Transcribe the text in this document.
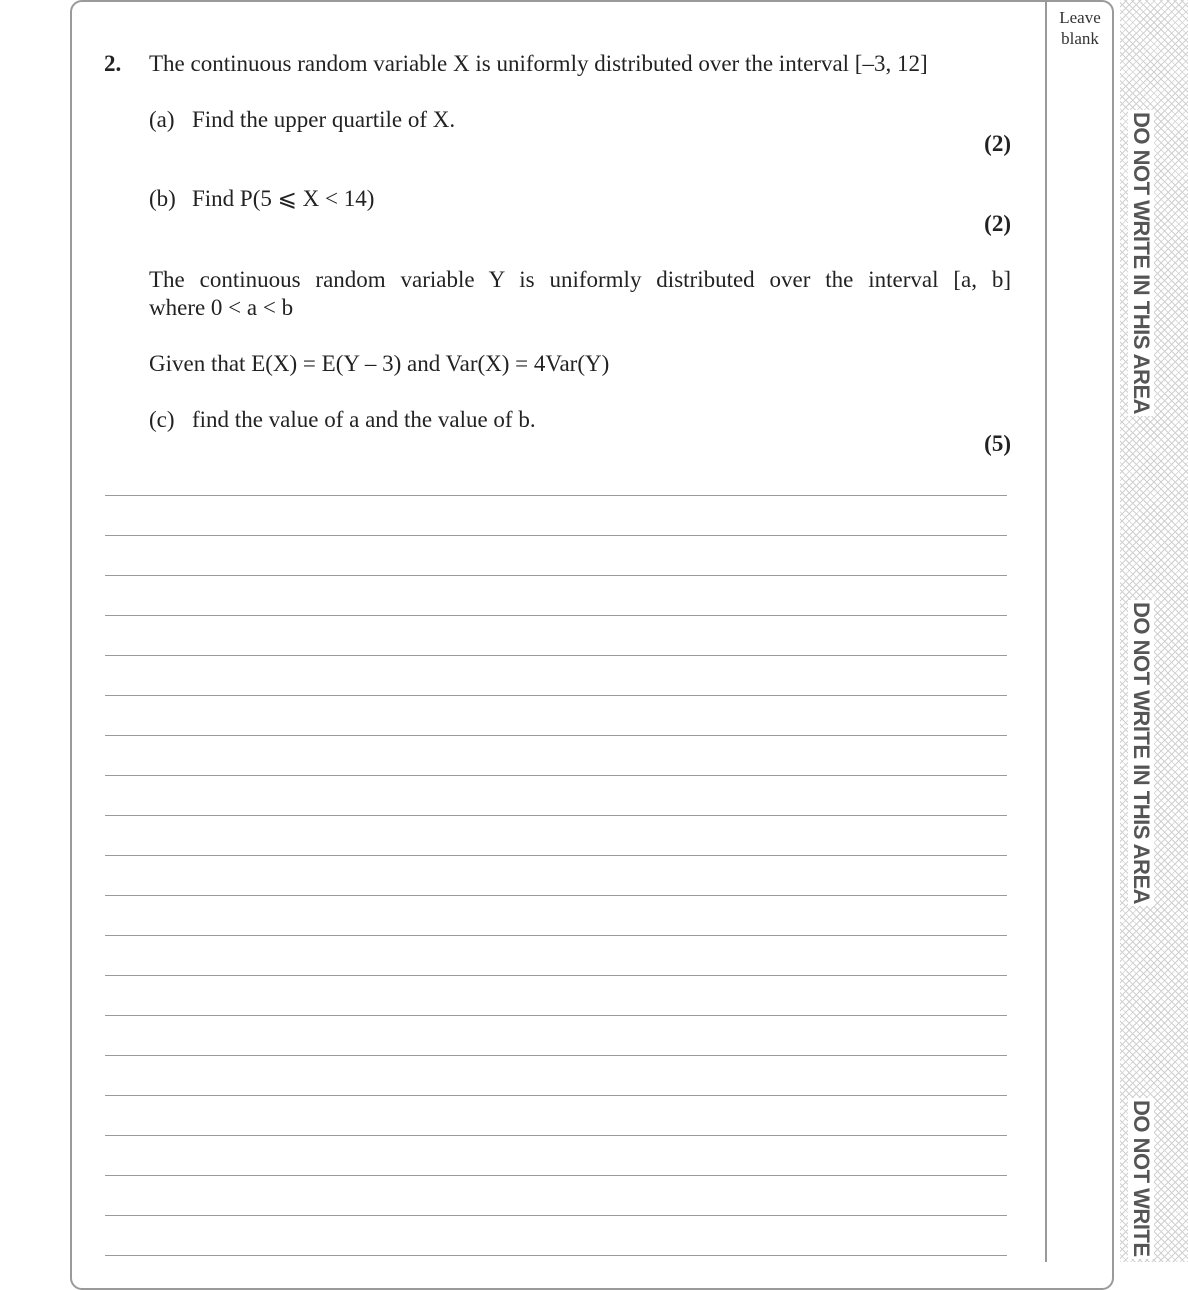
Leave
blank
DO NOT WRITE IN THIS AREA
DO NOT WRITE IN THIS AREA
DO NOT WRITE
2. The continuous random variable X is uniformly distributed over the interval [–3, 12]
(a) Find the upper quartile of X.
(2)
(b) Find P(5 ⩽ X < 14)
(2)
The continuous random variable Y is uniformly distributed over the interval [a, b]
where 0 < a < b
Given that E(X) = E(Y – 3) and Var(X) = 4Var(Y)
(c) find the value of a and the value of b.
(5)
